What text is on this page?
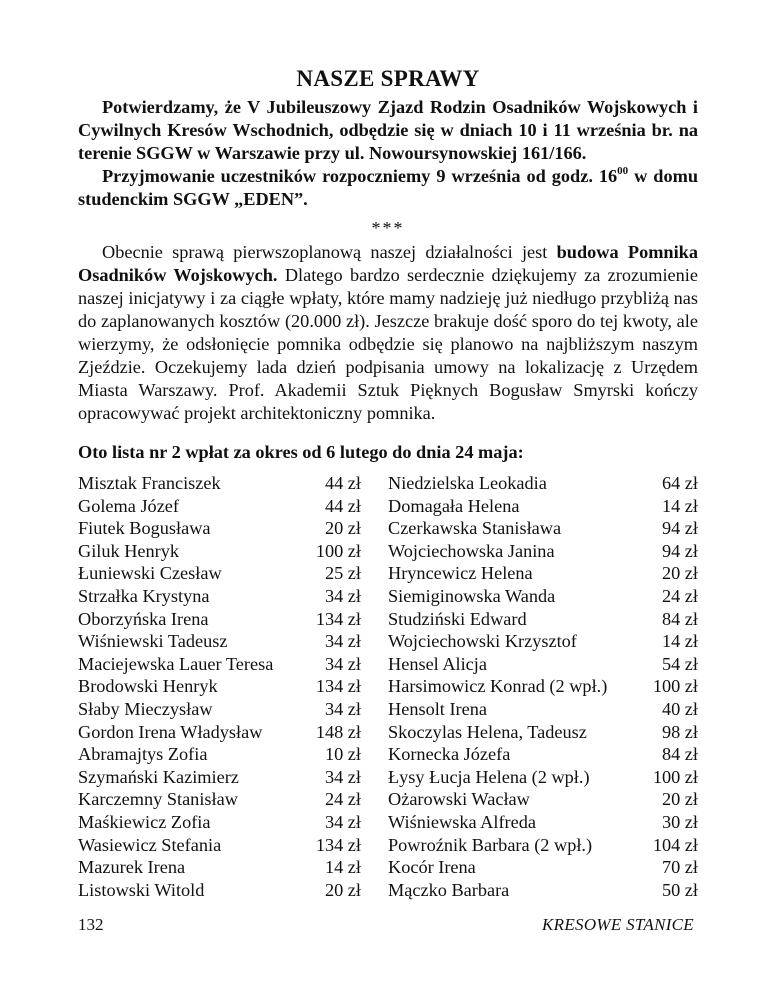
NASZE SPRAWY

Potwierdzamy, że V Jubileuszowy Zjazd Rodzin Osadników Wojskowych i Cywilnych Kresów Wschodnich, odbędzie się w dniach 10 i 11 września br. na terenie SGGW w Warszawie przy ul. Nowoursynowskiej 161/166.

Przyjmowanie uczestników rozpoczniemy 9 września od godz. $16^{00}$ w domu studenckim SGGW „EDEN”.

***

Obecnie sprawą pierwszoplanową naszej działalności jest budowa Pomnika Osadników Wojskowych. Dlatego bardzo serdecznie dziękujemy za zrozumienie naszej inicjatywy i za ciągłe wpłaty, które mamy nadzieję już niedługo przybliżą nas do zaplanowanych kosztów (20.000 zł). Jeszcze brakuje dość sporo do tej kwoty, ale wierzymy, że odsłonięcie pomnika odbędzie się planowo na najbliższym naszym Zjeździe. Oczekujemy lada dzień podpisania umowy na lokalizację z Urzędem Miasta Warszawy. Prof. Akademii Sztuk Pięknych Bogusław Smyrski kończy opracowywać projekt architektoniczny pomnika.

Oto lista nr 2 wpłat za okres od 6 lutego do dnia 24 maja:
Misztak Franciszek	44 zł
Golema Józef	44 zł
Fiutek Bogusława	20 zł
Giluk Henryk	100 zł
Łuniewski Czesław	25 zł
Strzałka Krystyna	34 zł
Oborzyńska Irena	134 zł
Wiśniewski Tadeusz	34 zł
Maciejewska Lauer Teresa	34 zł
Brodowski Henryk	134 zł
Słaby Mieczysław	34 zł
Gordon Irena Władysław	148 zł
Abramajtys Zofia	10 zł
Szymański Kazimierz	34 zł
Karczemny Stanisław	24 zł
Maśkiewicz Zofia	34 zł
Wasiewicz Stefania	134 zł
Mazurek Irena	14 zł
Listowski Witold	20 zł
Niedzielska Leokadia	64 zł
Domagała Helena	14 zł
Czerkawska Stanisława	94 zł
Wojciechowska Janina	94 zł
Hryncewicz Helena	20 zł
Siemiginowska Wanda	24 zł
Studziński Edward	84 zł
Wojciechowski Krzysztof	14 zł
Hensel Alicja	54 zł
Harsimowicz Konrad (2 wpł.) 100 zł
Hensolt Irena	40 zł
Skoczylas Helena, Tadeusz	98 zł
Kornecka Józefa	84 zł
Łysy Łucja Helena (2 wpł.)	100 zł
Ożarowski Wacław	20 zł
Wiśniewska Alfreda	30 zł
Powroźnik Barbara (2 wpł.)	104 zł
Kocór Irena	70 zł
Mączko Barbara	50 zł
132	KRESOWE STANICE
